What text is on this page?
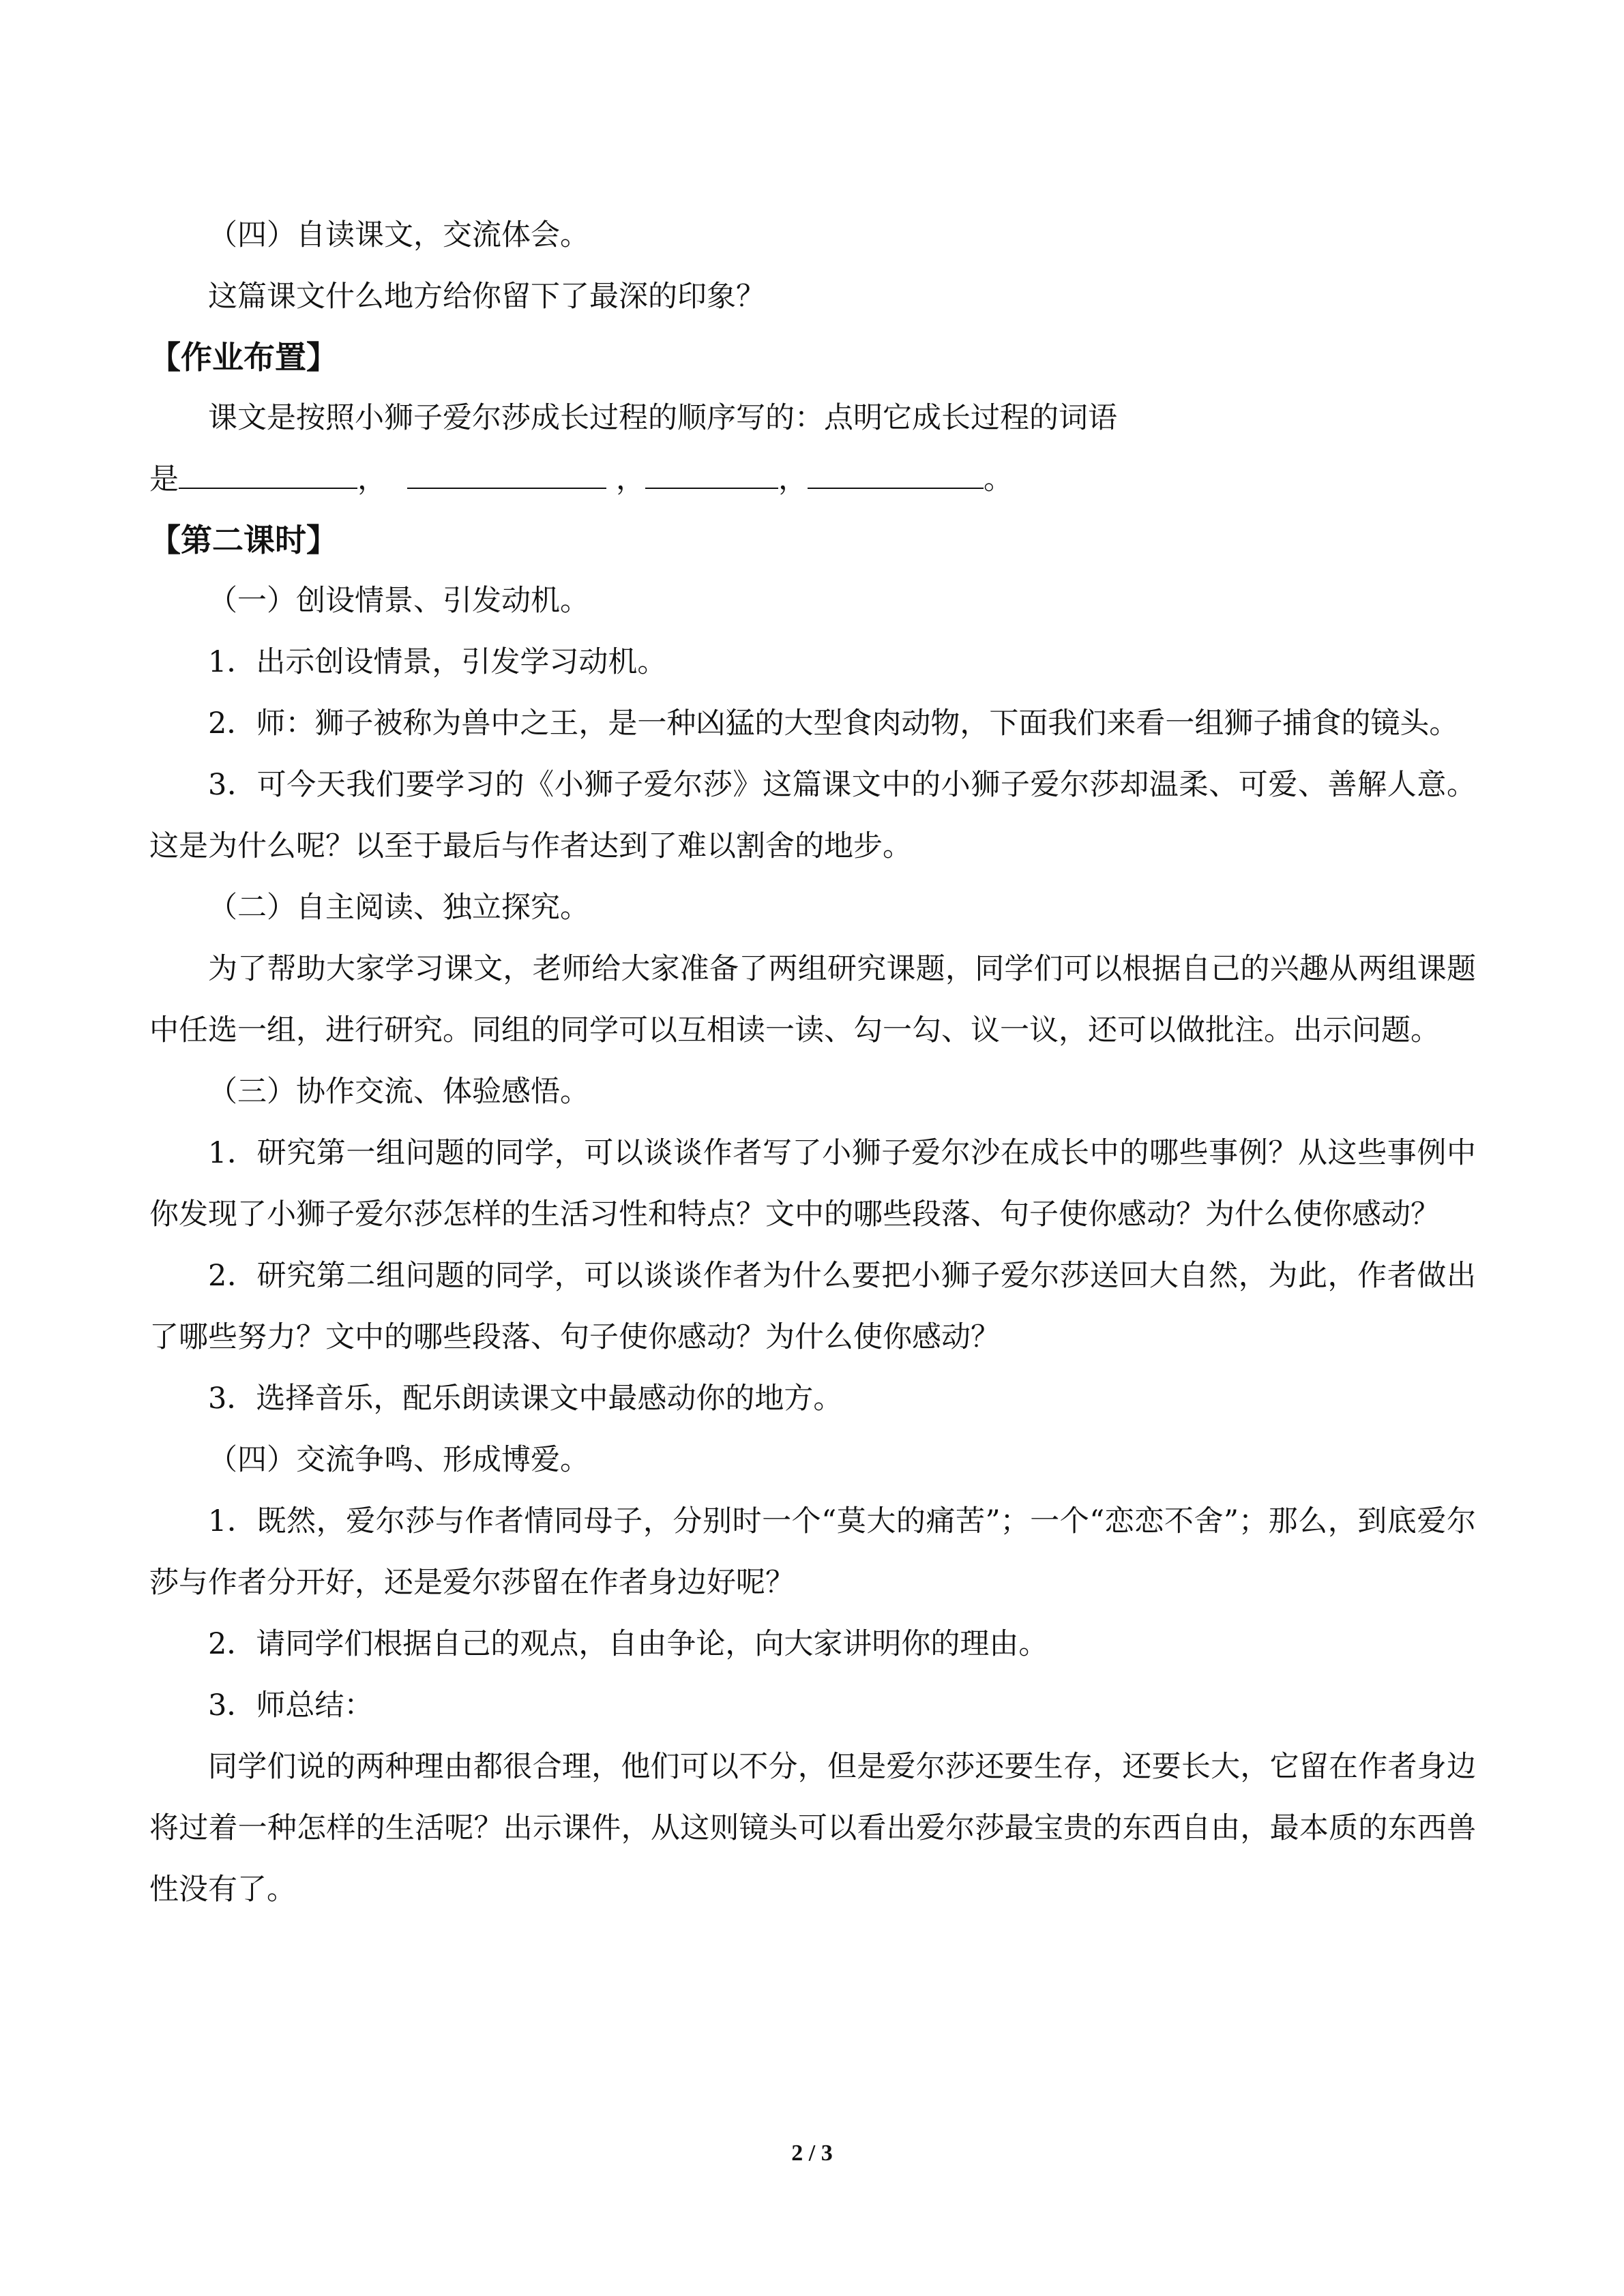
（四）自读课文，交流体会。
这篇课文什么地方给你留下了最深的印象？
【作业布置】
课文是按照小狮子爱尔莎成长过程的顺序写的：点明它成长过程的词语
是	，	，	，	。
【第二课时】
（一）创设情景、引发动机。
1．出示创设情景，引发学习动机。
2．师：狮子被称为兽中之王，是一种凶猛的大型食肉动物，下面我们来看一组狮子捕食的镜头。
3．可今天我们要学习的《小狮子爱尔莎》这篇课文中的小狮子爱尔莎却温柔、可爱、善解人意。这是为什么呢？以至于最后与作者达到了难以割舍的地步。
（二）自主阅读、独立探究。
为了帮助大家学习课文，老师给大家准备了两组研究课题，同学们可以根据自己的兴趣从两组课题中任选一组，进行研究。同组的同学可以互相读一读、勾一勾、议一议，还可以做批注。出示问题。
（三）协作交流、体验感悟。
1．研究第一组问题的同学，可以谈谈作者写了小狮子爱尔沙在成长中的哪些事例？从这些事例中你发现了小狮子爱尔莎怎样的生活习性和特点？文中的哪些段落、句子使你感动？为什么使你感动？
2．研究第二组问题的同学，可以谈谈作者为什么要把小狮子爱尔莎送回大自然，为此，作者做出了哪些努力？文中的哪些段落、句子使你感动？为什么使你感动？
3．选择音乐，配乐朗读课文中最感动你的地方。
（四）交流争鸣、形成博爱。
1．既然，爱尔莎与作者情同母子，分别时一个“莫大的痛苦”；一个“恋恋不舍”；那么，到底爱尔莎与作者分开好，还是爱尔莎留在作者身边好呢？
2．请同学们根据自己的观点，自由争论，向大家讲明你的理由。
3．师总结：
同学们说的两种理由都很合理，他们可以不分，但是爱尔莎还要生存，还要长大，它留在作者身边将过着一种怎样的生活呢？出示课件，从这则镜头可以看出爱尔莎最宝贵的东西自由，最本质的东西兽性没有了。
2 / 3
